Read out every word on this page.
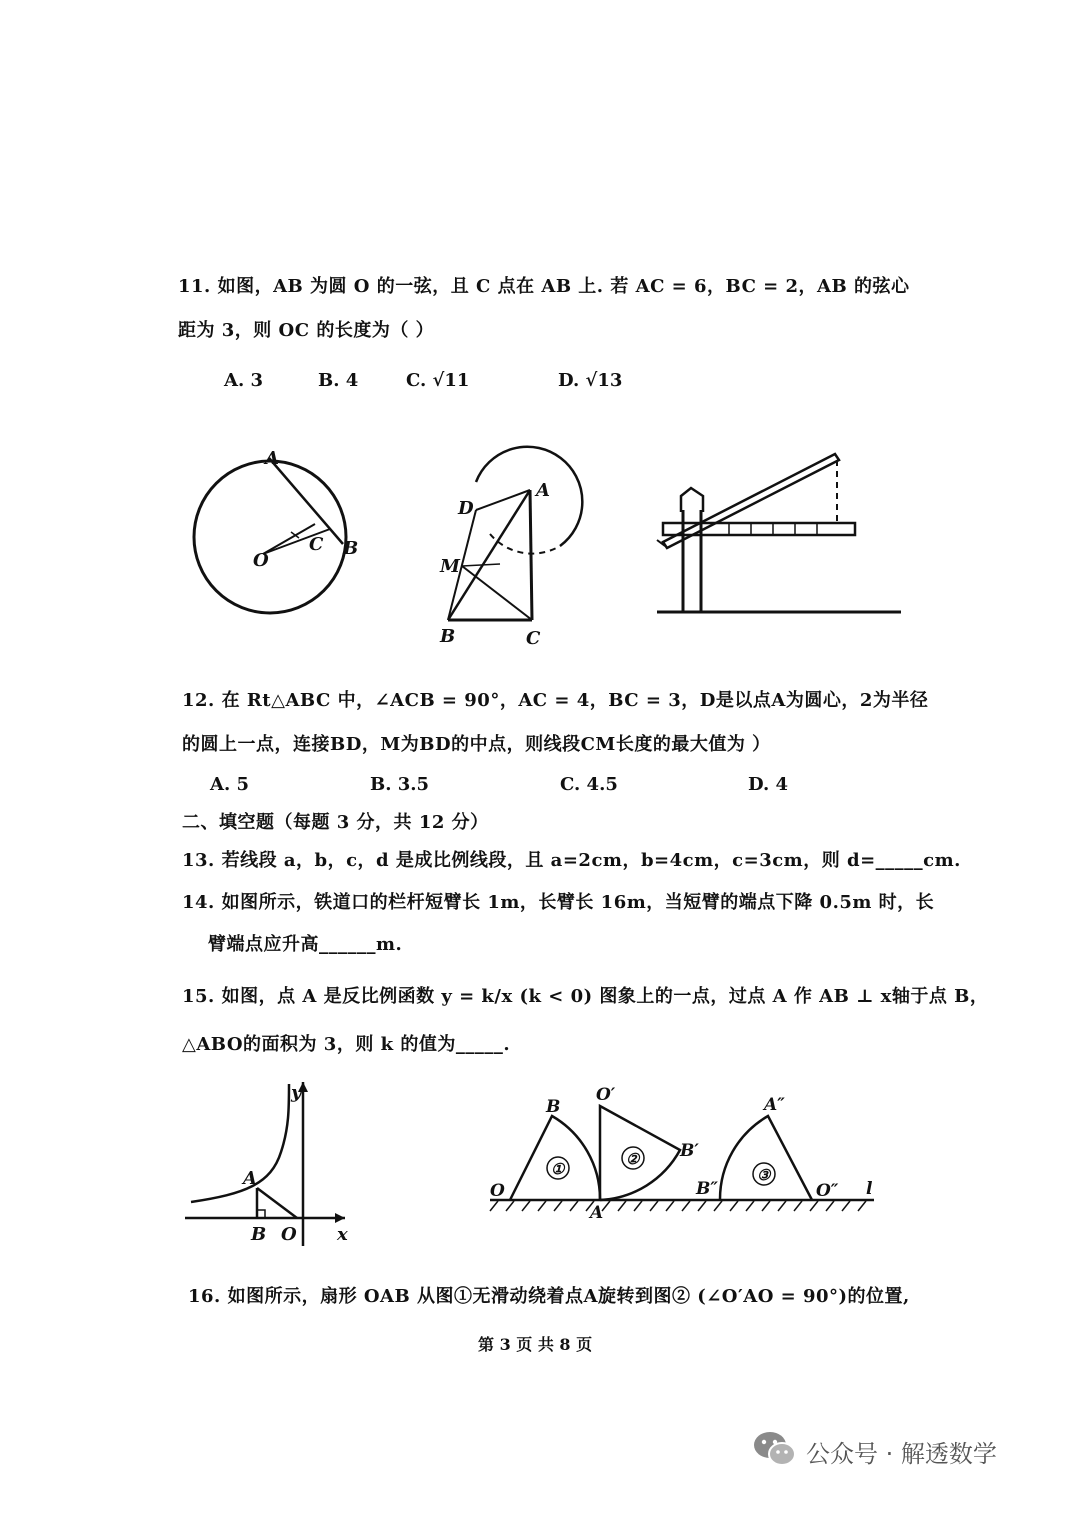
11. 如图，AB 为圆 O 的一弦，且 C 点在 AB 上. 若 AC = 6，BC = 2，AB 的弦心
距为 3，则 OC 的长度为（ ）
A. 3	B. 4	C. √11	D. √13
A
O
C B
A
D
M
B	C
12. 在 Rt△ABC 中，∠ACB = 90°，AC = 4，BC = 3，D是以点A为圆心，2为半径
的圆上一点，连接BD，M为BD的中点，则线段CM长度的最大值为 ）
A. 5	B. 3.5	C. 4.5	D. 4
二、填空题（每题 3 分，共 12 分）
13. 若线段 a，b，c，d 是成比例线段，且 a=2cm，b=4cm，c=3cm，则 d=_____cm.
14. 如图所示，铁道口的栏杆短臂长 1m，长臂长 16m，当短臂的端点下降 0.5m 时，长
臂端点应升高______m.
15. 如图，点 A 是反比例函数 y = k/x (k < 0) 图象上的一点，过点 A 作 AB ⊥ x轴于点 B，
△ABO的面积为 3，则 k 的值为_____.
y
A
B O x
①
②
③
O
B
A
O′
B′
A″
B″	O″ l
16. 如图所示，扇形 OAB 从图①无滑动绕着点A旋转到图② (∠O′AO = 90°)的位置,
第 3 页 共 8 页
公众号 · 解透数学
